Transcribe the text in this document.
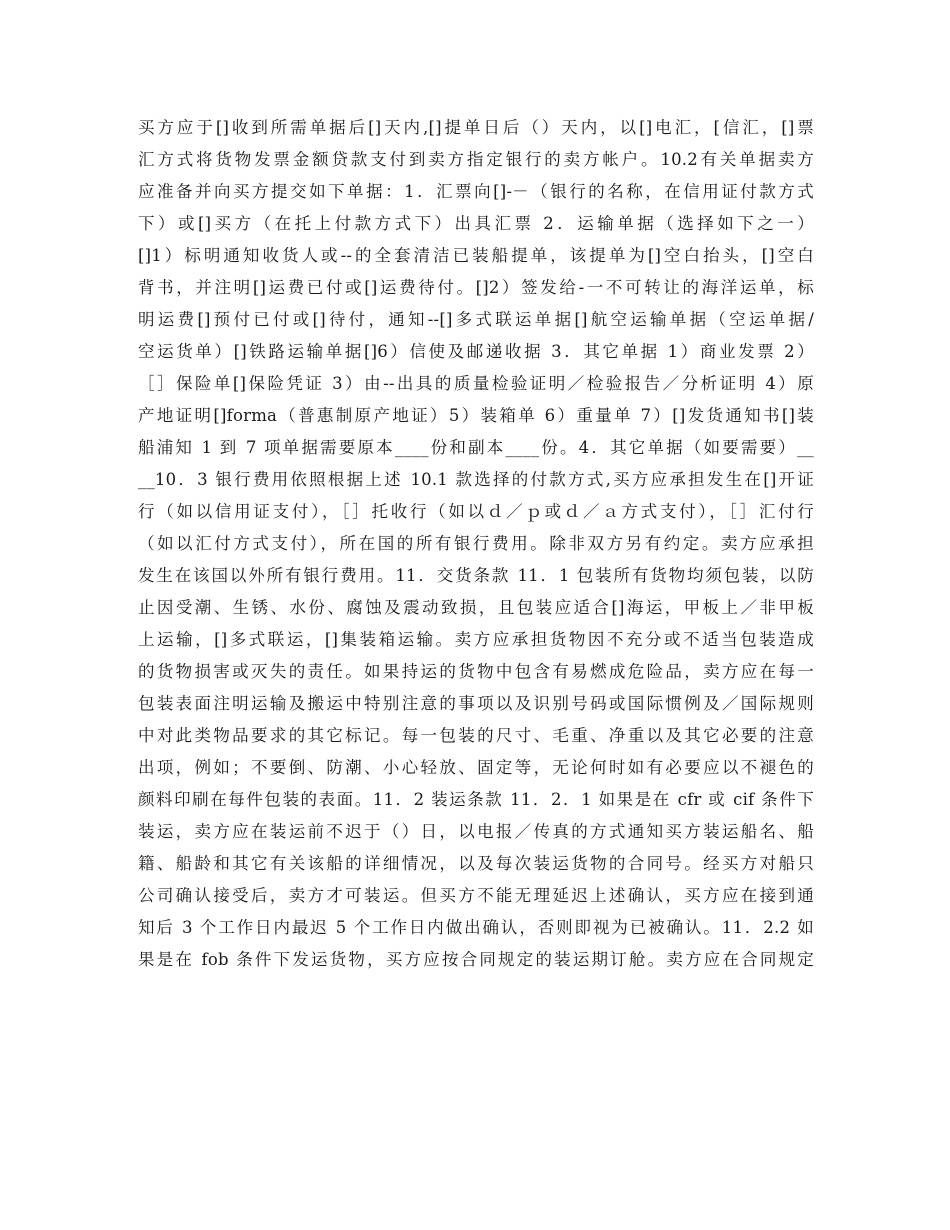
买方应于[]收到所需单据后[]天内,[]提单日后（）天内，以[]电汇，[信汇，[]票
汇方式将货物发票金额贷款支付到卖方指定银行的卖方帐户。10.2有关单据卖方
应准备并向买方提交如下单据：1．汇票向[]-－（银行的名称，在信用证付款方式
下）或[]买方（在托上付款方式下）出具汇票 2．运输单据（选择如下之一）
[]1）标明通知收货人或--的全套清洁已装船提单，该提单为[]空白抬头，[]空白
背书，并注明[]运费已付或[]运费待付。[]2）签发给-一不可转让的海洋运单，标
明运费[]预付已付或[]待付，通知--[]多式联运单据[]航空运输单据（空运单据/
空运货单）[]铁路运输单据[]6）信使及邮递收据 3．其它单据 1）商业发票 2）
［］保险单[]保险凭证 3）由--出具的质量检验证明／检验报告／分析证明 4）原
产地证明[]forma（普惠制原产地证）5）装箱单 6）重量单 7）[]发货通知书[]装
船浦知 1 到 7 项单据需要原本____份和副本____份。4．其它单据（如要需要）__
__10．3 银行费用依照根据上述 10.1 款选择的付款方式,买方应承担发生在[]开证
行（如以信用证支付），［］托收行（如以ｄ／ｐ或ｄ／ａ方式支付），［］汇付行
（如以汇付方式支付），所在国的所有银行费用。除非双方另有约定。卖方应承担
发生在该国以外所有银行费用。11．交货条款 11．1 包装所有货物均须包装，以防
止因受潮、生锈、水份、腐蚀及震动致损，且包装应适合[]海运，甲板上／非甲板
上运输，[]多式联运，[]集装箱运输。卖方应承担货物因不充分或不适当包装造成
的货物损害或灭失的责任。如果持运的货物中包含有易燃成危险品，卖方应在每一
包装表面注明运输及搬运中特别注意的事项以及识别号码或国际惯例及／国际规则
中对此类物品要求的其它标记。每一包装的尺寸、毛重、净重以及其它必要的注意
出项，例如；不要倒、防潮、小心轻放、固定等，无论何时如有必要应以不褪色的
颜料印刷在每件包装的表面。11．2 装运条款 11．2．1 如果是在 cfr 或 cif 条件下
装运，卖方应在装运前不迟于（）日，以电报／传真的方式通知买方装运船名、船
籍、船龄和其它有关该船的详细情况，以及每次装运货物的合同号。经买方对船只
公司确认接受后，卖方才可装运。但买方不能无理延迟上述确认，买方应在接到通
知后 3 个工作日内最迟 5 个工作日内做出确认，否则即视为已被确认。11．2.2 如
果是在 fob 条件下发运货物，买方应按合同规定的装运期订舱。卖方应在合同规定
